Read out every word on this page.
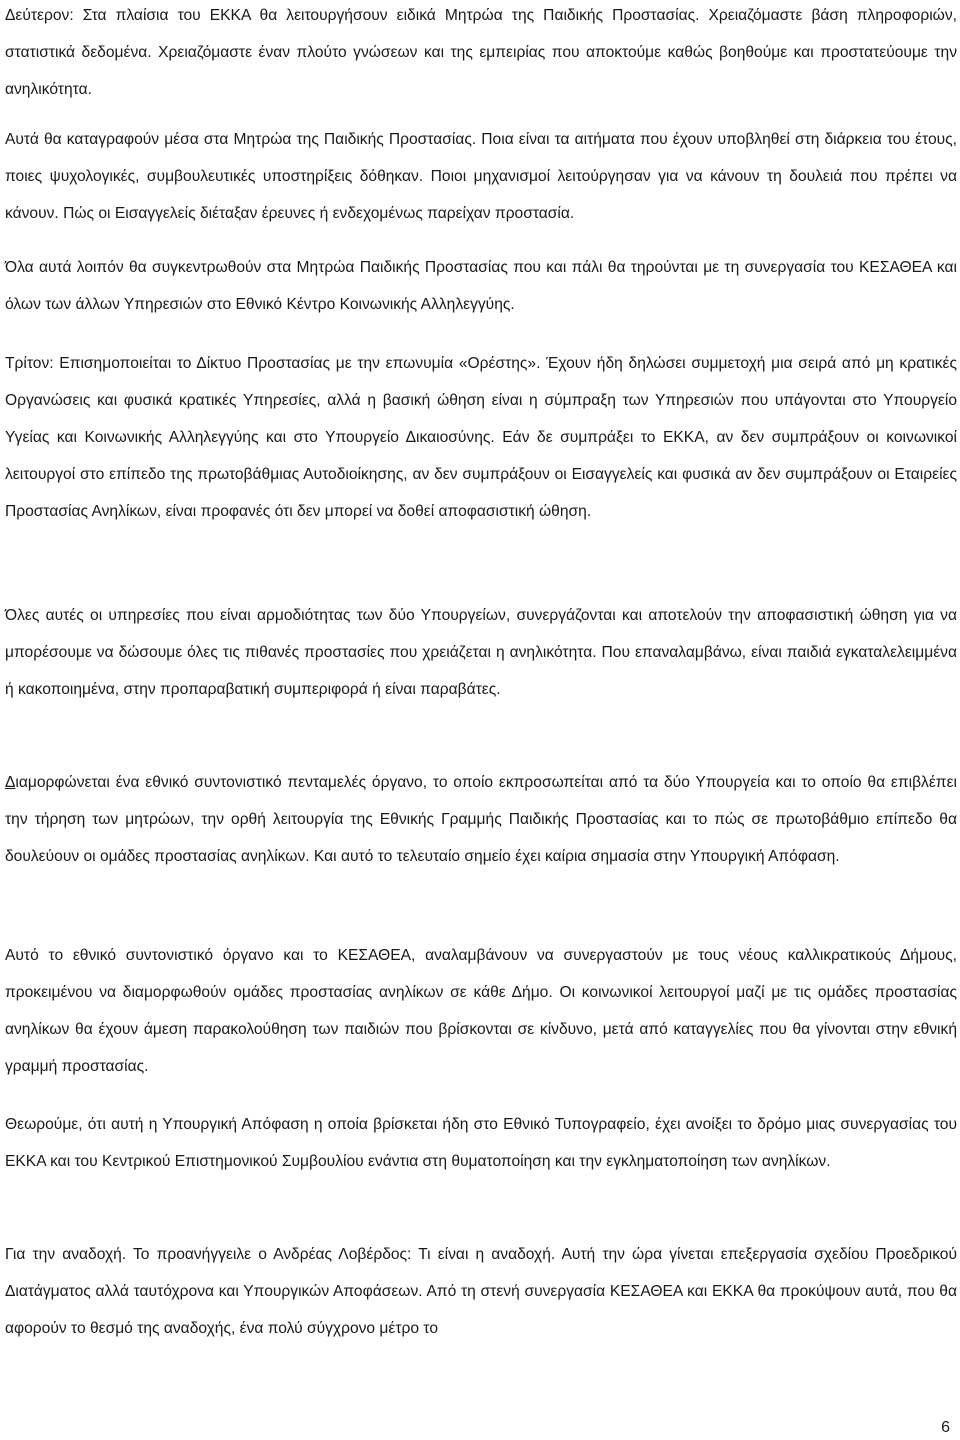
Δεύτερον: Στα πλαίσια του ΕΚΚΑ θα λειτουργήσουν ειδικά Μητρώα της Παιδικής Προστασίας. Χρειαζόμαστε βάση πληροφοριών, στατιστικά δεδομένα. Χρειαζόμαστε έναν πλούτο γνώσεων και της εμπειρίας που αποκτούμε καθώς βοηθούμε και προστατεύουμε την ανηλικότητα.

Αυτά θα καταγραφούν μέσα στα Μητρώα της Παιδικής Προστασίας. Ποια είναι τα αιτήματα που έχουν υποβληθεί στη διάρκεια του έτους, ποιες ψυχολογικές, συμβουλευτικές υποστηρίξεις δόθηκαν. Ποιοι μηχανισμοί λειτούργησαν για να κάνουν τη δουλειά που πρέπει να κάνουν. Πώς οι Εισαγγελείς διέταξαν έρευνες ή ενδεχομένως παρείχαν προστασία.

Όλα αυτά λοιπόν θα συγκεντρωθούν στα Μητρώα Παιδικής Προστασίας που και πάλι θα τηρούνται με τη συνεργασία του ΚΕΣΑΘΕΑ και όλων των άλλων Υπηρεσιών στο Εθνικό Κέντρο Κοινωνικής Αλληλεγγύης.

Τρίτον: Επισημοποιείται το Δίκτυο Προστασίας με την επωνυμία «Ορέστης». Έχουν ήδη δηλώσει συμμετοχή μια σειρά από μη κρατικές Οργανώσεις και φυσικά κρατικές Υπηρεσίες, αλλά η βασική ώθηση είναι η σύμπραξη των Υπηρεσιών που υπάγονται στο Υπουργείο Υγείας και Κοινωνικής Αλληλεγγύης και στο Υπουργείο Δικαιοσύνης. Εάν δε συμπράξει το ΕΚΚΑ, αν δεν συμπράξουν οι κοινωνικοί λειτουργοί στο επίπεδο της πρωτοβάθμιας Αυτοδιοίκησης, αν δεν συμπράξουν οι Εισαγγελείς και φυσικά αν δεν συμπράξουν οι Εταιρείες Προστασίας Ανηλίκων, είναι προφανές ότι δεν μπορεί να δοθεί αποφασιστική ώθηση.

Όλες αυτές οι υπηρεσίες που είναι αρμοδιότητας των δύο Υπουργείων, συνεργάζονται και αποτελούν την αποφασιστική ώθηση για να μπορέσουμε να δώσουμε όλες τις πιθανές προστασίες που χρειάζεται η ανηλικότητα. Που επαναλαμβάνω, είναι παιδιά εγκαταλελειμμένα ή κακοποιημένα, στην προπαραβατική συμπεριφορά ή είναι παραβάτες.

Διαμορφώνεται ένα εθνικό συντονιστικό πενταμελές όργανο, το οποίο εκπροσωπείται από τα δύο Υπουργεία και το οποίο θα επιβλέπει την τήρηση των μητρώων, την ορθή λειτουργία της Εθνικής Γραμμής Παιδικής Προστασίας και το πώς σε πρωτοβάθμιο επίπεδο θα δουλεύουν οι ομάδες προστασίας ανηλίκων. Και αυτό το τελευταίο σημείο έχει καίρια σημασία στην Υπουργική Απόφαση.

Αυτό το εθνικό συντονιστικό όργανο και το ΚΕΣΑΘΕΑ, αναλαμβάνουν να συνεργαστούν με τους νέους καλλικρατικούς Δήμους, προκειμένου να διαμορφωθούν ομάδες προστασίας ανηλίκων σε κάθε Δήμο. Οι κοινωνικοί λειτουργοί μαζί με τις ομάδες προστασίας ανηλίκων θα έχουν άμεση παρακολούθηση των παιδιών που βρίσκονται σε κίνδυνο, μετά από καταγγελίες που θα γίνονται στην εθνική γραμμή προστασίας.

Θεωρούμε, ότι αυτή η Υπουργική Απόφαση η οποία βρίσκεται ήδη στο Εθνικό Τυπογραφείο, έχει ανοίξει το δρόμο μιας συνεργασίας του ΕΚΚΑ και του Κεντρικού Επιστημονικού Συμβουλίου ενάντια στη θυματοποίηση και την εγκληματοποίηση των ανηλίκων.

Για την αναδοχή. Το προανήγγειλε ο Ανδρέας Λοβέρδος: Τι είναι η αναδοχή. Αυτή την ώρα γίνεται επεξεργασία σχεδίου Προεδρικού Διατάγματος αλλά ταυτόχρονα και Υπουργικών Αποφάσεων. Από τη στενή συνεργασία ΚΕΣΑΘΕΑ και ΕΚΚΑ θα προκύψουν αυτά, που θα αφορούν το θεσμό της αναδοχής, ένα πολύ σύγχρονο μέτρο το

6
